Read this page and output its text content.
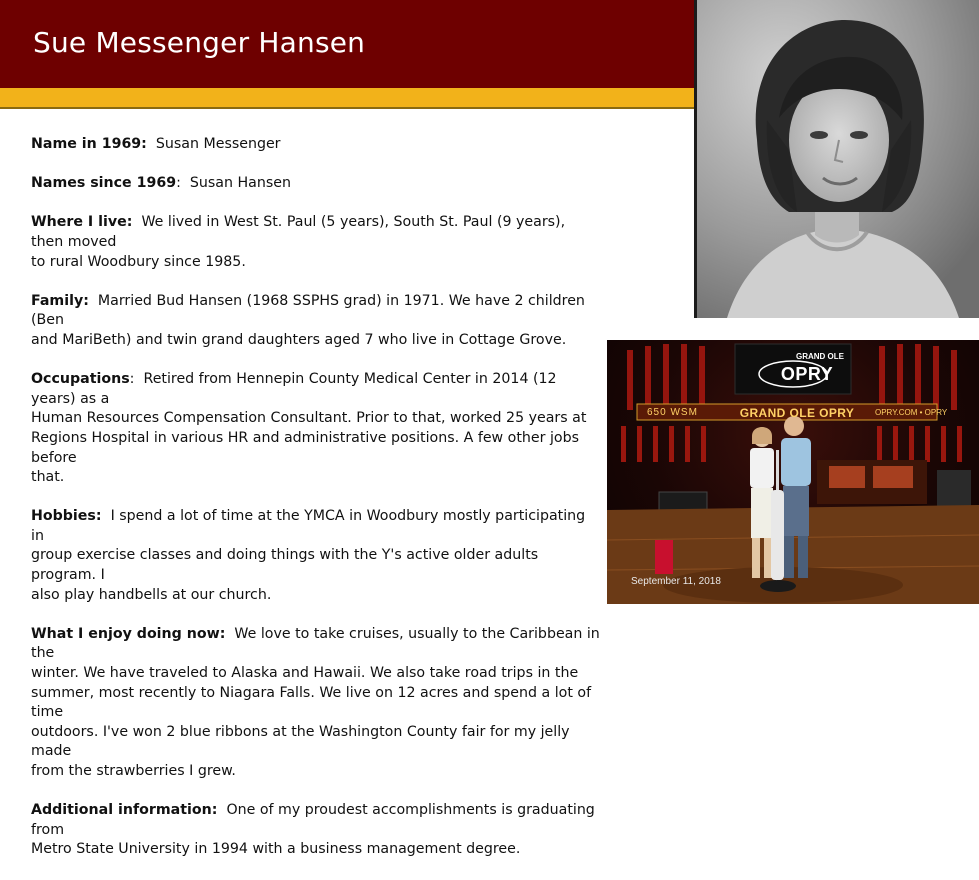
Sue Messenger Hansen

Name in 1969: Susan Messenger

Names since 1969: Susan Hansen

Where I live: We lived in West St. Paul (5 years), South St. Paul (9 years), then moved
to rural Woodbury since 1985.

Family: Married Bud Hansen (1968 SSPHS grad) in 1971. We have 2 children (Ben
and MariBeth) and twin grand daughters aged 7 who live in Cottage Grove.

Occupations: Retired from Hennepin County Medical Center in 2014 (12 years) as a
Human Resources Compensation Consultant. Prior to that, worked 25 years at
Regions Hospital in various HR and administrative positions. A few other jobs before
that.

Hobbies: I spend a lot of time at the YMCA in Woodbury mostly participating in
group exercise classes and doing things with the Y's active older adults program. I
also play handbells at our church.

What I enjoy doing now: We love to take cruises, usually to the Caribbean in the
winter. We have traveled to Alaska and Hawaii. We also take road trips in the
summer, most recently to Niagara Falls. We live on 12 acres and spend a lot of time
outdoors. I've won 2 blue ribbons at the Washington County fair for my jelly made
from the strawberries I grew.

Additional information: One of my proudest accomplishments is graduating from
Metro State University in 1994 with a business management degree.

GRAND OLE
OPRY
650 WSM	GRAND OLE OPRY	OPRY.COM • OPRY
September 11, 2018
